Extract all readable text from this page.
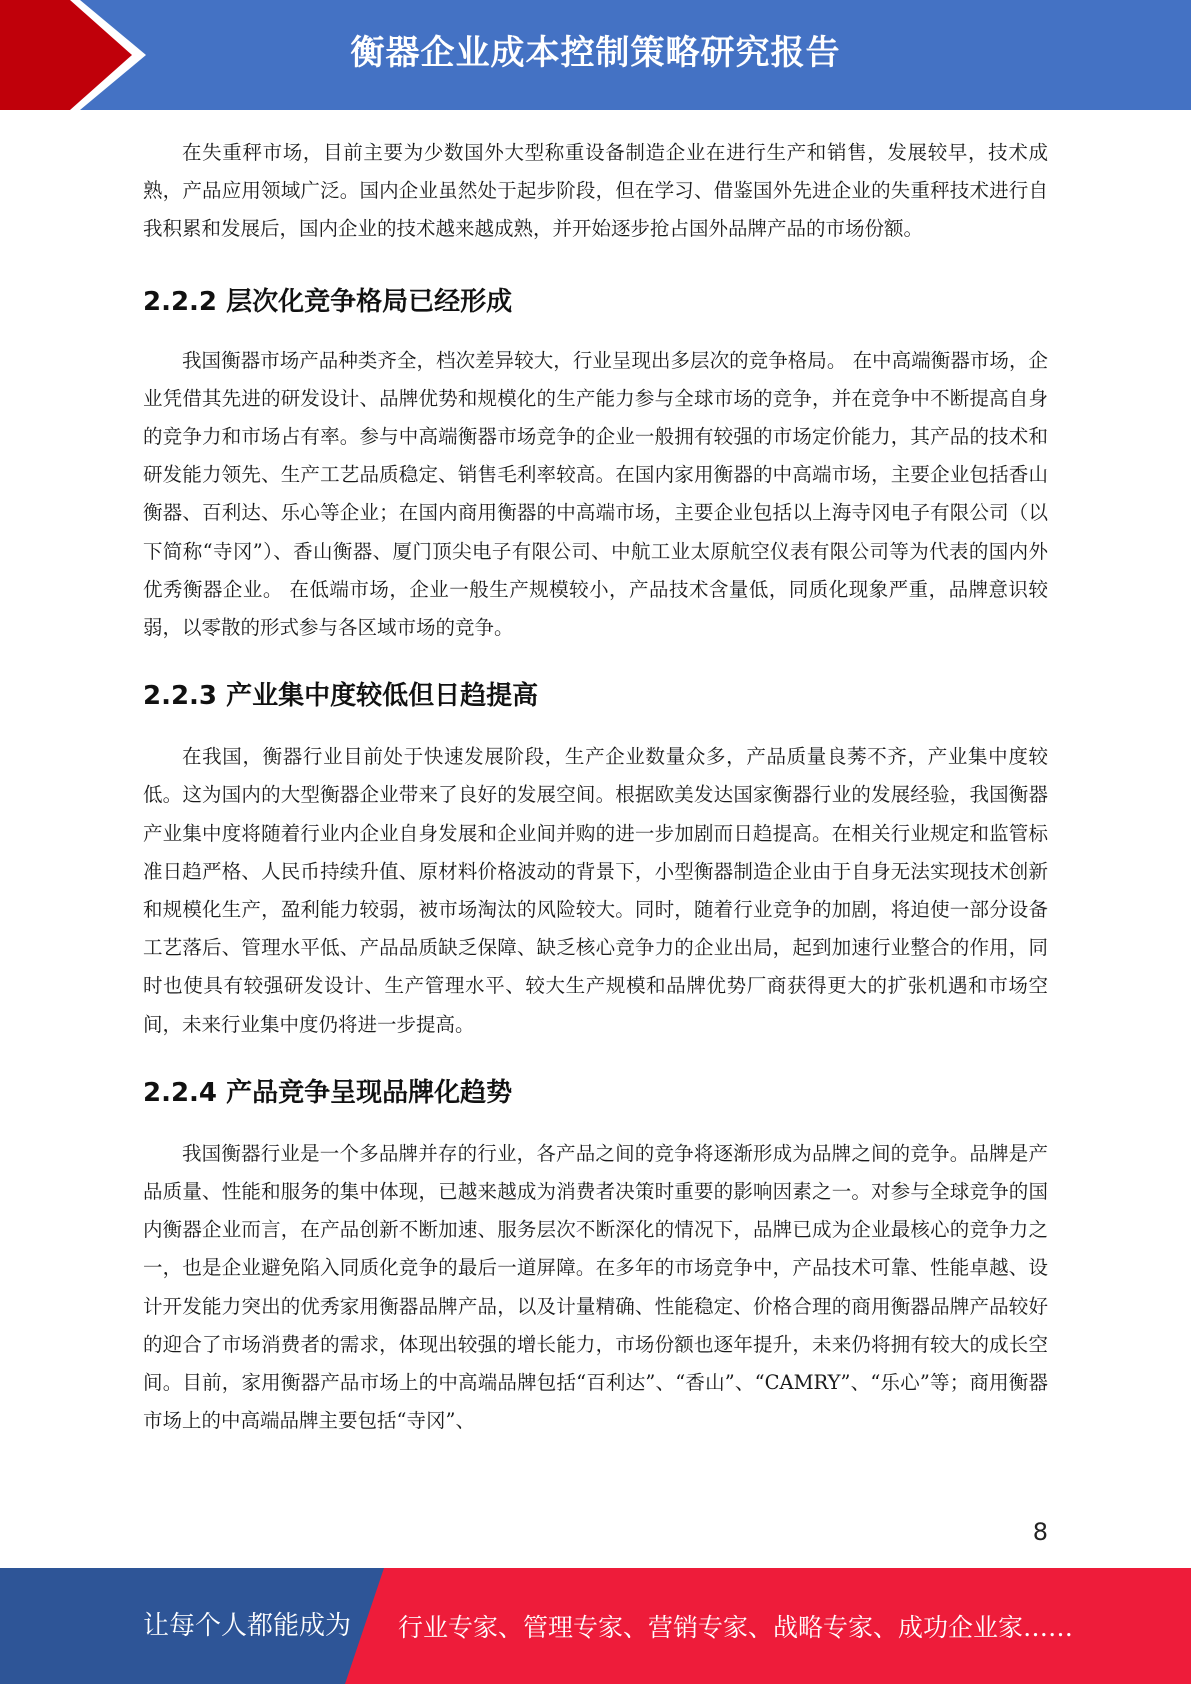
衡器企业成本控制策略研究报告

在失重秤市场，目前主要为少数国外大型称重设备制造企业在进行生产和销售，发展较早，技术成熟，产品应用领域广泛。国内企业虽然处于起步阶段，但在学习、借鉴国外先进企业的失重秤技术进行自我积累和发展后，国内企业的技术越来越成熟，并开始逐步抢占国外品牌产品的市场份额。

2.2.2 层次化竞争格局已经形成

我国衡器市场产品种类齐全，档次差异较大，行业呈现出多层次的竞争格局。 在中高端衡器市场，企业凭借其先进的研发设计、品牌优势和规模化的生产能力参与全球市场的竞争，并在竞争中不断提高自身的竞争力和市场占有率。参与中高端衡器市场竞争的企业一般拥有较强的市场定价能力，其产品的技术和研发能力领先、生产工艺品质稳定、销售毛利率较高。在国内家用衡器的中高端市场，主要企业包括香山衡器、百利达、乐心等企业；在国内商用衡器的中高端市场，主要企业包括以上海寺冈电子有限公司（以下简称“寺冈”）、香山衡器、厦门顶尖电子有限公司、中航工业太原航空仪表有限公司等为代表的国内外优秀衡器企业。 在低端市场，企业一般生产规模较小，产品技术含量低，同质化现象严重，品牌意识较弱，以零散的形式参与各区域市场的竞争。

2.2.3 产业集中度较低但日趋提高

在我国，衡器行业目前处于快速发展阶段，生产企业数量众多，产品质量良莠不齐，产业集中度较低。这为国内的大型衡器企业带来了良好的发展空间。根据欧美发达国家衡器行业的发展经验，我国衡器产业集中度将随着行业内企业自身发展和企业间并购的进一步加剧而日趋提高。在相关行业规定和监管标准日趋严格、人民币持续升值、原材料价格波动的背景下，小型衡器制造企业由于自身无法实现技术创新和规模化生产，盈利能力较弱，被市场淘汰的风险较大。同时，随着行业竞争的加剧，将迫使一部分设备工艺落后、管理水平低、产品品质缺乏保障、缺乏核心竞争力的企业出局，起到加速行业整合的作用，同时也使具有较强研发设计、生产管理水平、较大生产规模和品牌优势厂商获得更大的扩张机遇和市场空间，未来行业集中度仍将进一步提高。

2.2.4 产品竞争呈现品牌化趋势

我国衡器行业是一个多品牌并存的行业，各产品之间的竞争将逐渐形成为品牌之间的竞争。品牌是产品质量、性能和服务的集中体现，已越来越成为消费者决策时重要的影响因素之一。对参与全球竞争的国内衡器企业而言，在产品创新不断加速、服务层次不断深化的情况下，品牌已成为企业最核心的竞争力之一，也是企业避免陷入同质化竞争的最后一道屏障。在多年的市场竞争中，产品技术可靠、性能卓越、设计开发能力突出的优秀家用衡器品牌产品，以及计量精确、性能稳定、价格合理的商用衡器品牌产品较好的迎合了市场消费者的需求，体现出较强的增长能力，市场份额也逐年提升，未来仍将拥有较大的成长空间。目前，家用衡器产品市场上的中高端品牌包括“百利达”、“香山”、“CAMRY”、“乐心”等；商用衡器市场上的中高端品牌主要包括“寺冈”、

8
让每个人都能成为 行业专家、管理专家、营销专家、战略专家、成功企业家……
